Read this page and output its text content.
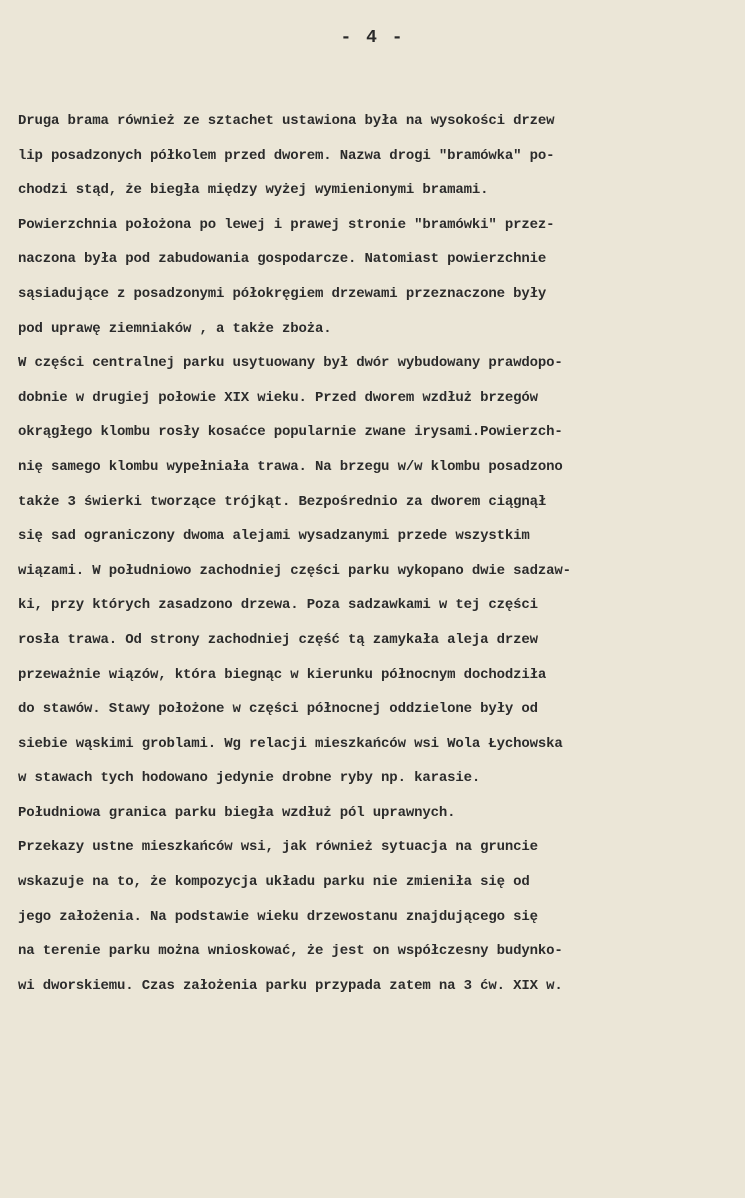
- 4 -
Druga brama również ze sztachet ustawiona była na wysokości drzew
lip posadzonych półkolem przed dworem. Nazwa drogi "bramówka" po-
chodzi stąd, że biegła między wyżej wymienionymi bramami.
Powierzchnia położona po lewej i prawej stronie "bramówki" przez-
naczona była pod zabudowania gospodarcze. Natomiast powierzchnie
sąsiadujące z posadzonymi półokręgiem drzewami przeznaczone były
pod uprawę ziemniaków , a także zboża.
W części centralnej parku usytuowany był dwór wybudowany prawdopo-
dobnie w drugiej połowie XIX wieku. Przed dworem wzdłuż brzegów
okrągłego klombu rosły kosaćce popularnie zwane irysami.Powierzch-
nię samego klombu wypełniała trawa. Na brzegu w/w klombu posadzono
także 3 świerki tworzące trójkąt. Bezpośrednio za dworem ciągnął
się sad ograniczony dwoma alejami wysadzanymi przede wszystkim
wiązami. W południowo zachodniej części parku wykopano dwie sadzaw-
ki, przy których zasadzono drzewa. Poza sadzawkami w tej części
rosła trawa. Od strony zachodniej część tą zamykała aleja drzew
przeważnie wiązów, która biegnąc w kierunku północnym dochodziła
do stawów. Stawy położone w części północnej oddzielone były od
siebie wąskimi groblami. Wg relacji mieszkańców wsi Wola Łychowska
w stawach tych hodowano jedynie drobne ryby np. karasie.
Południowa granica parku biegła wzdłuż pól uprawnych.
Przekazy ustne mieszkańców wsi, jak również sytuacja na gruncie
wskazuje na to, że kompozycja układu parku nie zmieniła się od
jego założenia. Na podstawie wieku drzewostanu znajdującego się
na terenie parku można wnioskować, że jest on współczesny budynko-
wi dworskiemu. Czas założenia parku przypada zatem na 3 ćw. XIX w.
